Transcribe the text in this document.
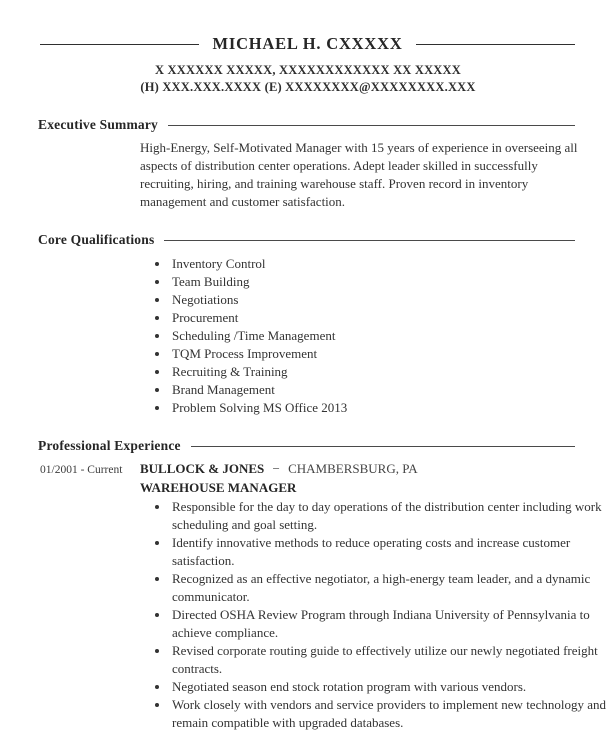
MICHAEL H. CXXXXX
X XXXXXX XXXXX, XXXXXXXXXXXX XX XXXXX
(H) XXX.XXX.XXXX (E) XXXXXXXX@XXXXXXXX.XXX
Executive Summary
High-Energy, Self-Motivated Manager with 15 years of experience in overseeing all aspects of distribution center operations. Adept leader skilled in successfully recruiting, hiring, and training warehouse staff. Proven record in inventory management and customer satisfaction.
Core Qualifications
• Inventory Control
• Team Building
• Negotiations
• Procurement
• Scheduling /Time Management
• TQM Process Improvement
• Recruiting & Training
• Brand Management
• Problem Solving MS Office 2013
Professional Experience
01/2001 - Current	BULLOCK & JONES − CHAMBERSBURG, PA
WAREHOUSE MANAGER
• Responsible for the day to day operations of the distribution center including work scheduling and goal setting.
• Identify innovative methods to reduce operating costs and increase customer satisfaction.
• Recognized as an effective negotiator, a high-energy team leader, and a dynamic communicator.
• Directed OSHA Review Program through Indiana University of Pennsylvania to achieve compliance.
• Revised corporate routing guide to effectively utilize our newly negotiated freight contracts.
• Negotiated season end stock rotation program with various vendors.
• Work closely with vendors and service providers to implement new technology and remain compatible with upgraded databases.
